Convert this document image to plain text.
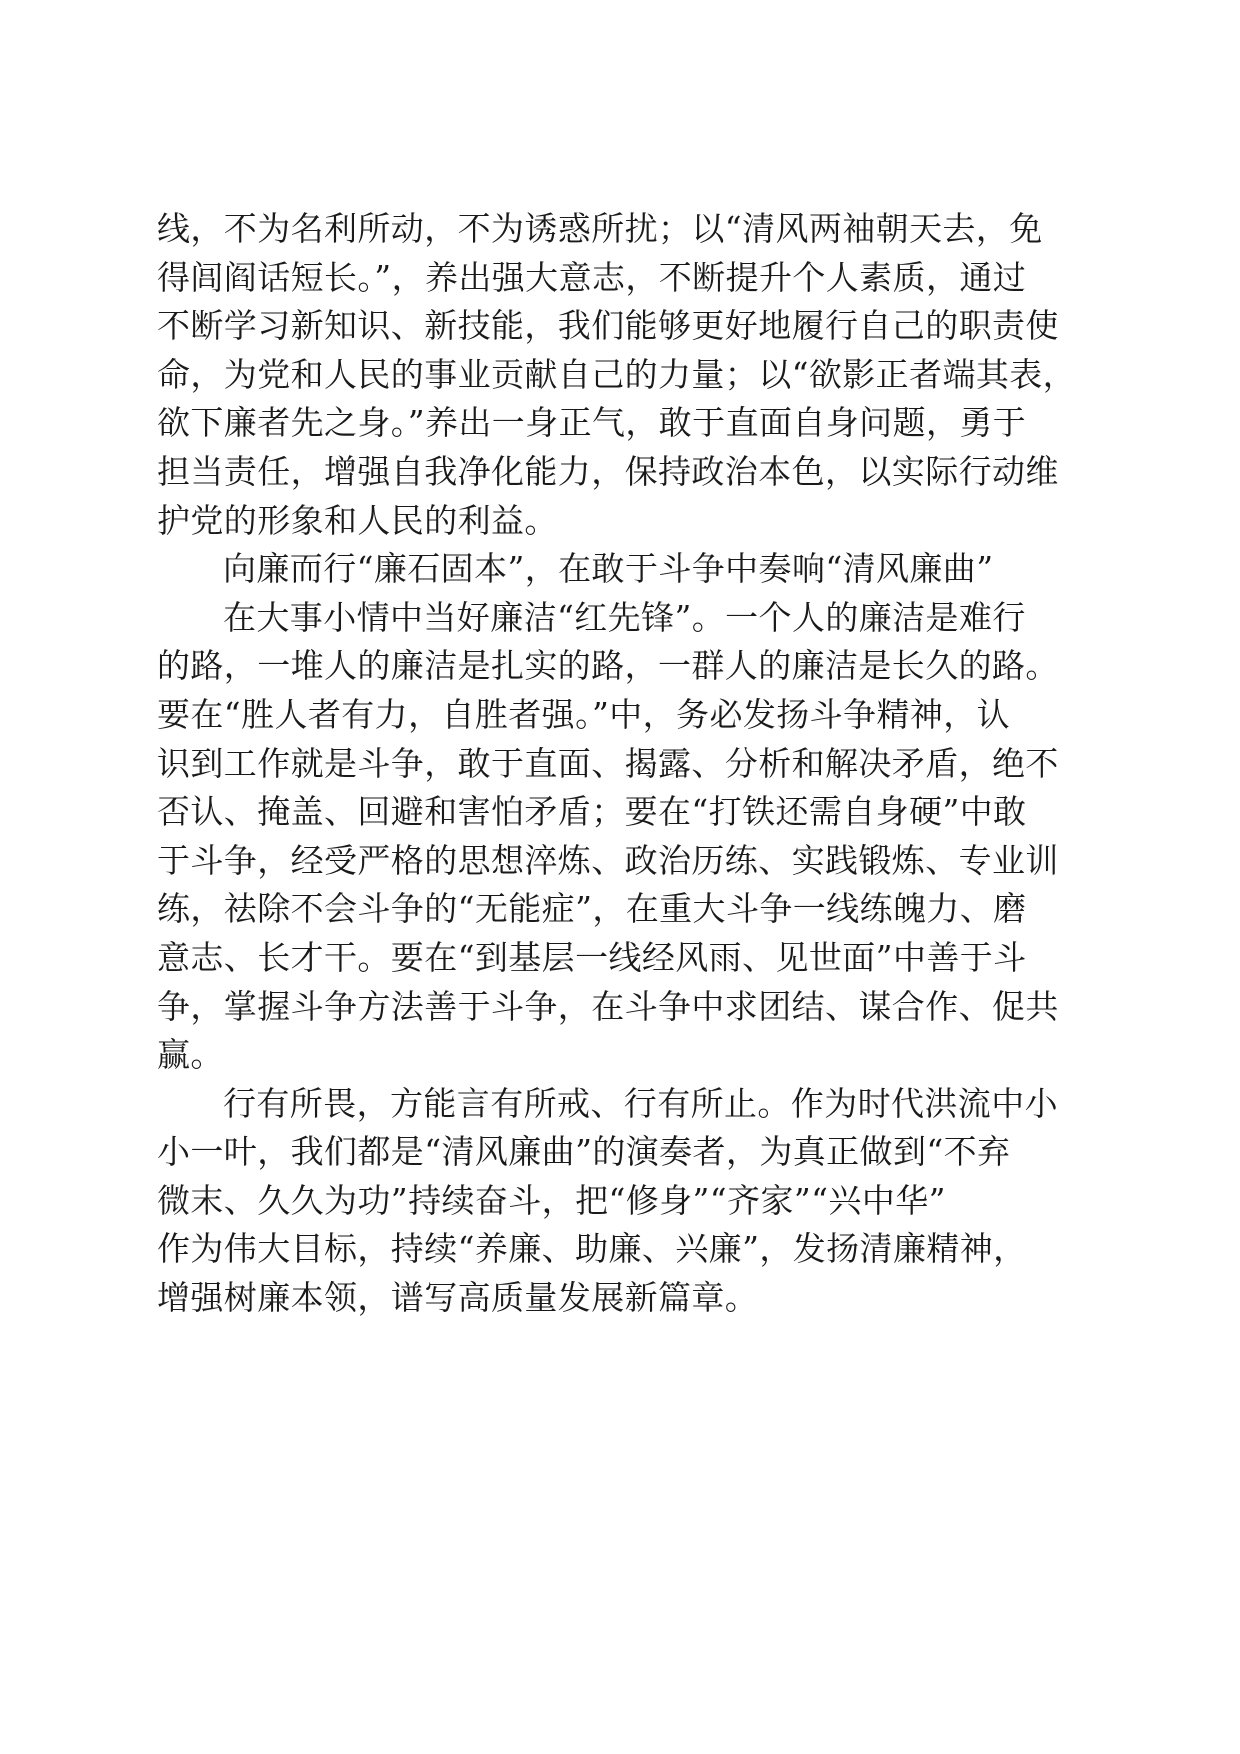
线，不为名利所动，不为诱惑所扰；以“清风两袖朝天去，免
得闾阎话短长。”，养出强大意志，不断提升个人素质，通过
不断学习新知识、新技能，我们能够更好地履行自己的职责使
命，为党和人民的事业贡献自己的力量；以“欲影正者端其表，
欲下廉者先之身。”养出一身正气，敢于直面自身问题，勇于
担当责任，增强自我净化能力，保持政治本色，以实际行动维
护党的形象和人民的利益。
向廉而行“廉石固本”，在敢于斗争中奏响“清风廉曲”
在大事小情中当好廉洁“红先锋”。一个人的廉洁是难行
的路，一堆人的廉洁是扎实的路，一群人的廉洁是长久的路。
要在“胜人者有力，自胜者强。”中，务必发扬斗争精神，认
识到工作就是斗争，敢于直面、揭露、分析和解决矛盾，绝不
否认、掩盖、回避和害怕矛盾；要在“打铁还需自身硬”中敢
于斗争，经受严格的思想淬炼、政治历练、实践锻炼、专业训
练，祛除不会斗争的“无能症”，在重大斗争一线练魄力、磨
意志、长才干。要在“到基层一线经风雨、见世面”中善于斗
争，掌握斗争方法善于斗争，在斗争中求团结、谋合作、促共
赢。
行有所畏，方能言有所戒、行有所止。作为时代洪流中小
小一叶，我们都是“清风廉曲”的演奏者，为真正做到“不弃
微末、久久为功”持续奋斗，把“修身”“齐家”“兴中华”
作为伟大目标，持续“养廉、助廉、兴廉”，发扬清廉精神，
增强树廉本领，谱写高质量发展新篇章。
